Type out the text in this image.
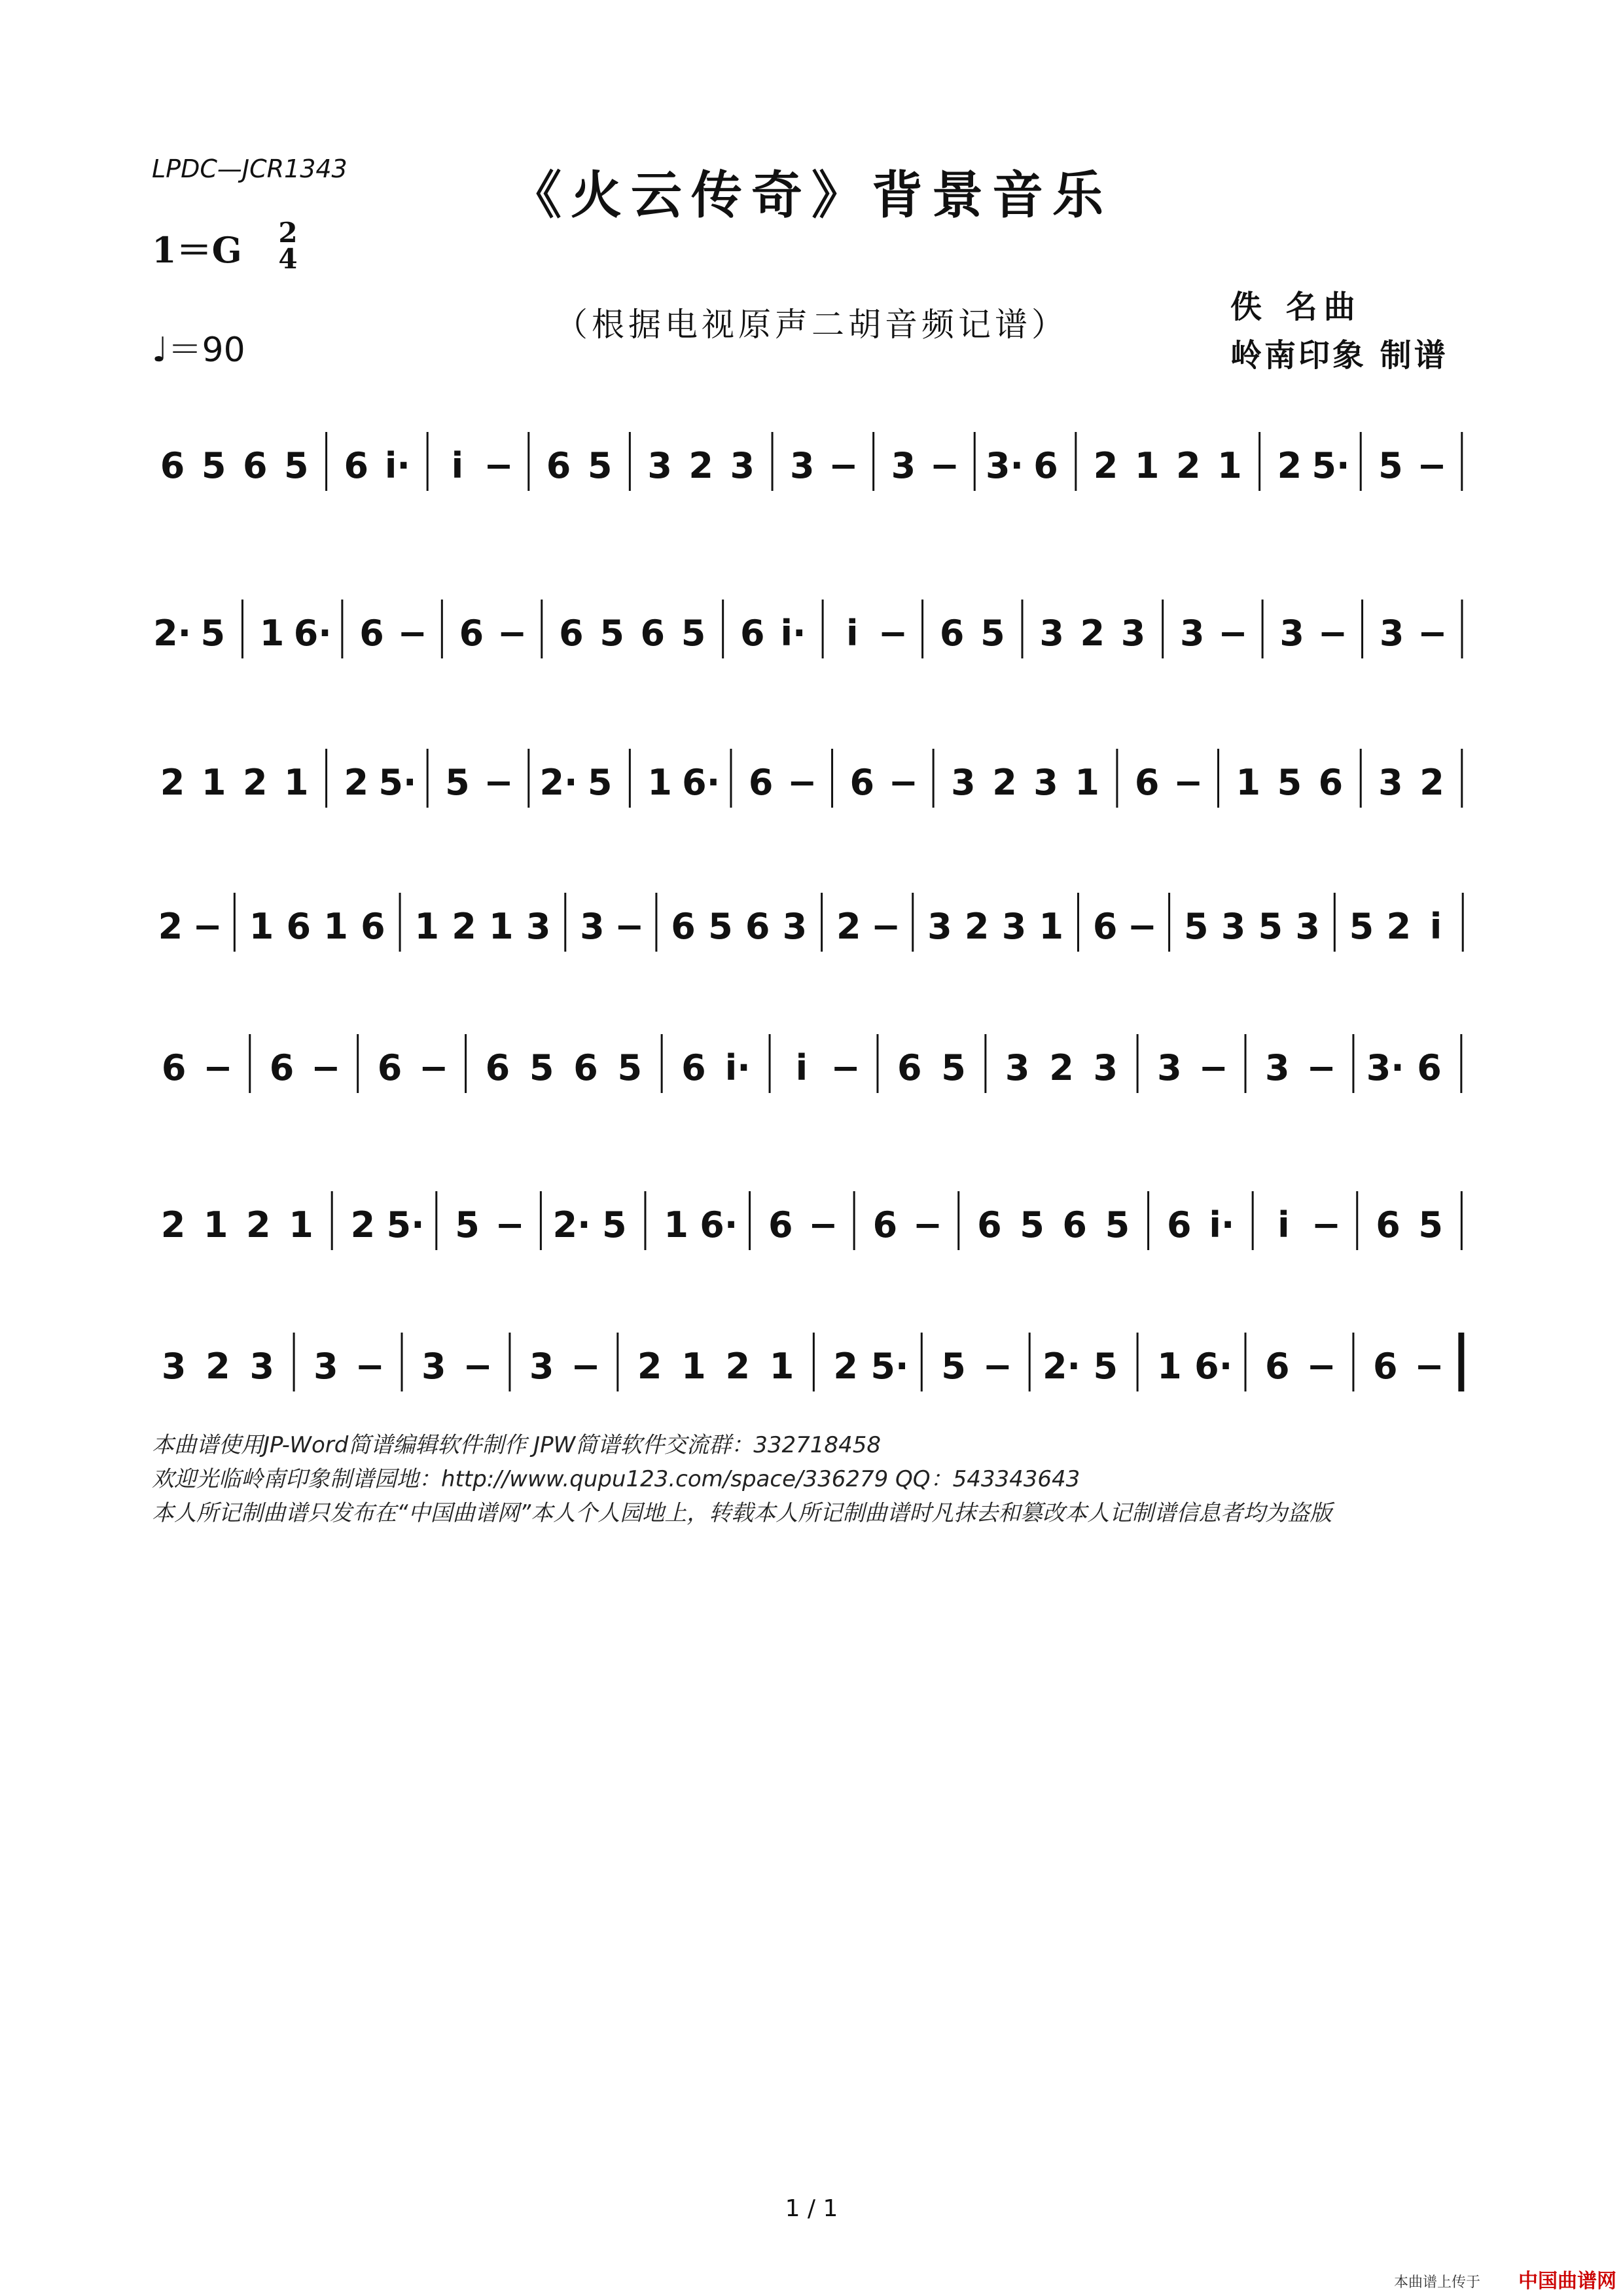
LPDC—JCR1343	《火云传奇》背景音乐
1＝G 2
4
♩＝90
（根据电视原声二胡音频记谱）	佚 名曲
岭南印象 制谱
6 5 6 5 6 i· i − 6 5 3 2 3 3 − 3 − 3· 6 2 1 2 1 2 5· 5 −
2· 5 1 6· 6 − 6 − 6 5 6 5 6 i· i − 6 5 3 2 3 3 − 3 − 3 −
2 1 2 1 2 5· 5 − 2· 5 1 6· 6 − 6 − 3 2 3 1 6 − 1 5 6 3 2
2 − 1 6 1 6 1 2 1 3 3 − 6 5 6 3 2 − 3 2 3 1 6 − 5 3 5 3 5 2 i
6 − 6 − 6 − 6 5 6 5 6 i· i − 6 5 3 2 3 3 − 3 − 3· 6
2 1 2 1 2 5· 5 − 2· 5 1 6· 6 − 6 − 6 5 6 5 6 i· i − 6 5
3 2 3 3 − 3 − 3 − 2 1 2 1 2 5· 5 − 2· 5 1 6· 6 − 6 −
本曲谱使用JP-Word简谱编辑软件制作 JPW简谱软件交流群：332718458
欢迎光临岭南印象制谱园地：http://www.qupu123.com/space/336279 QQ：543343643
本人所记制曲谱只发布在“中国曲谱网”本人个人园地上，转载本人所记制曲谱时凡抹去和篡改本人记制谱信息者均为盗版
1 / 1
本曲谱上传于 中国曲谱网
